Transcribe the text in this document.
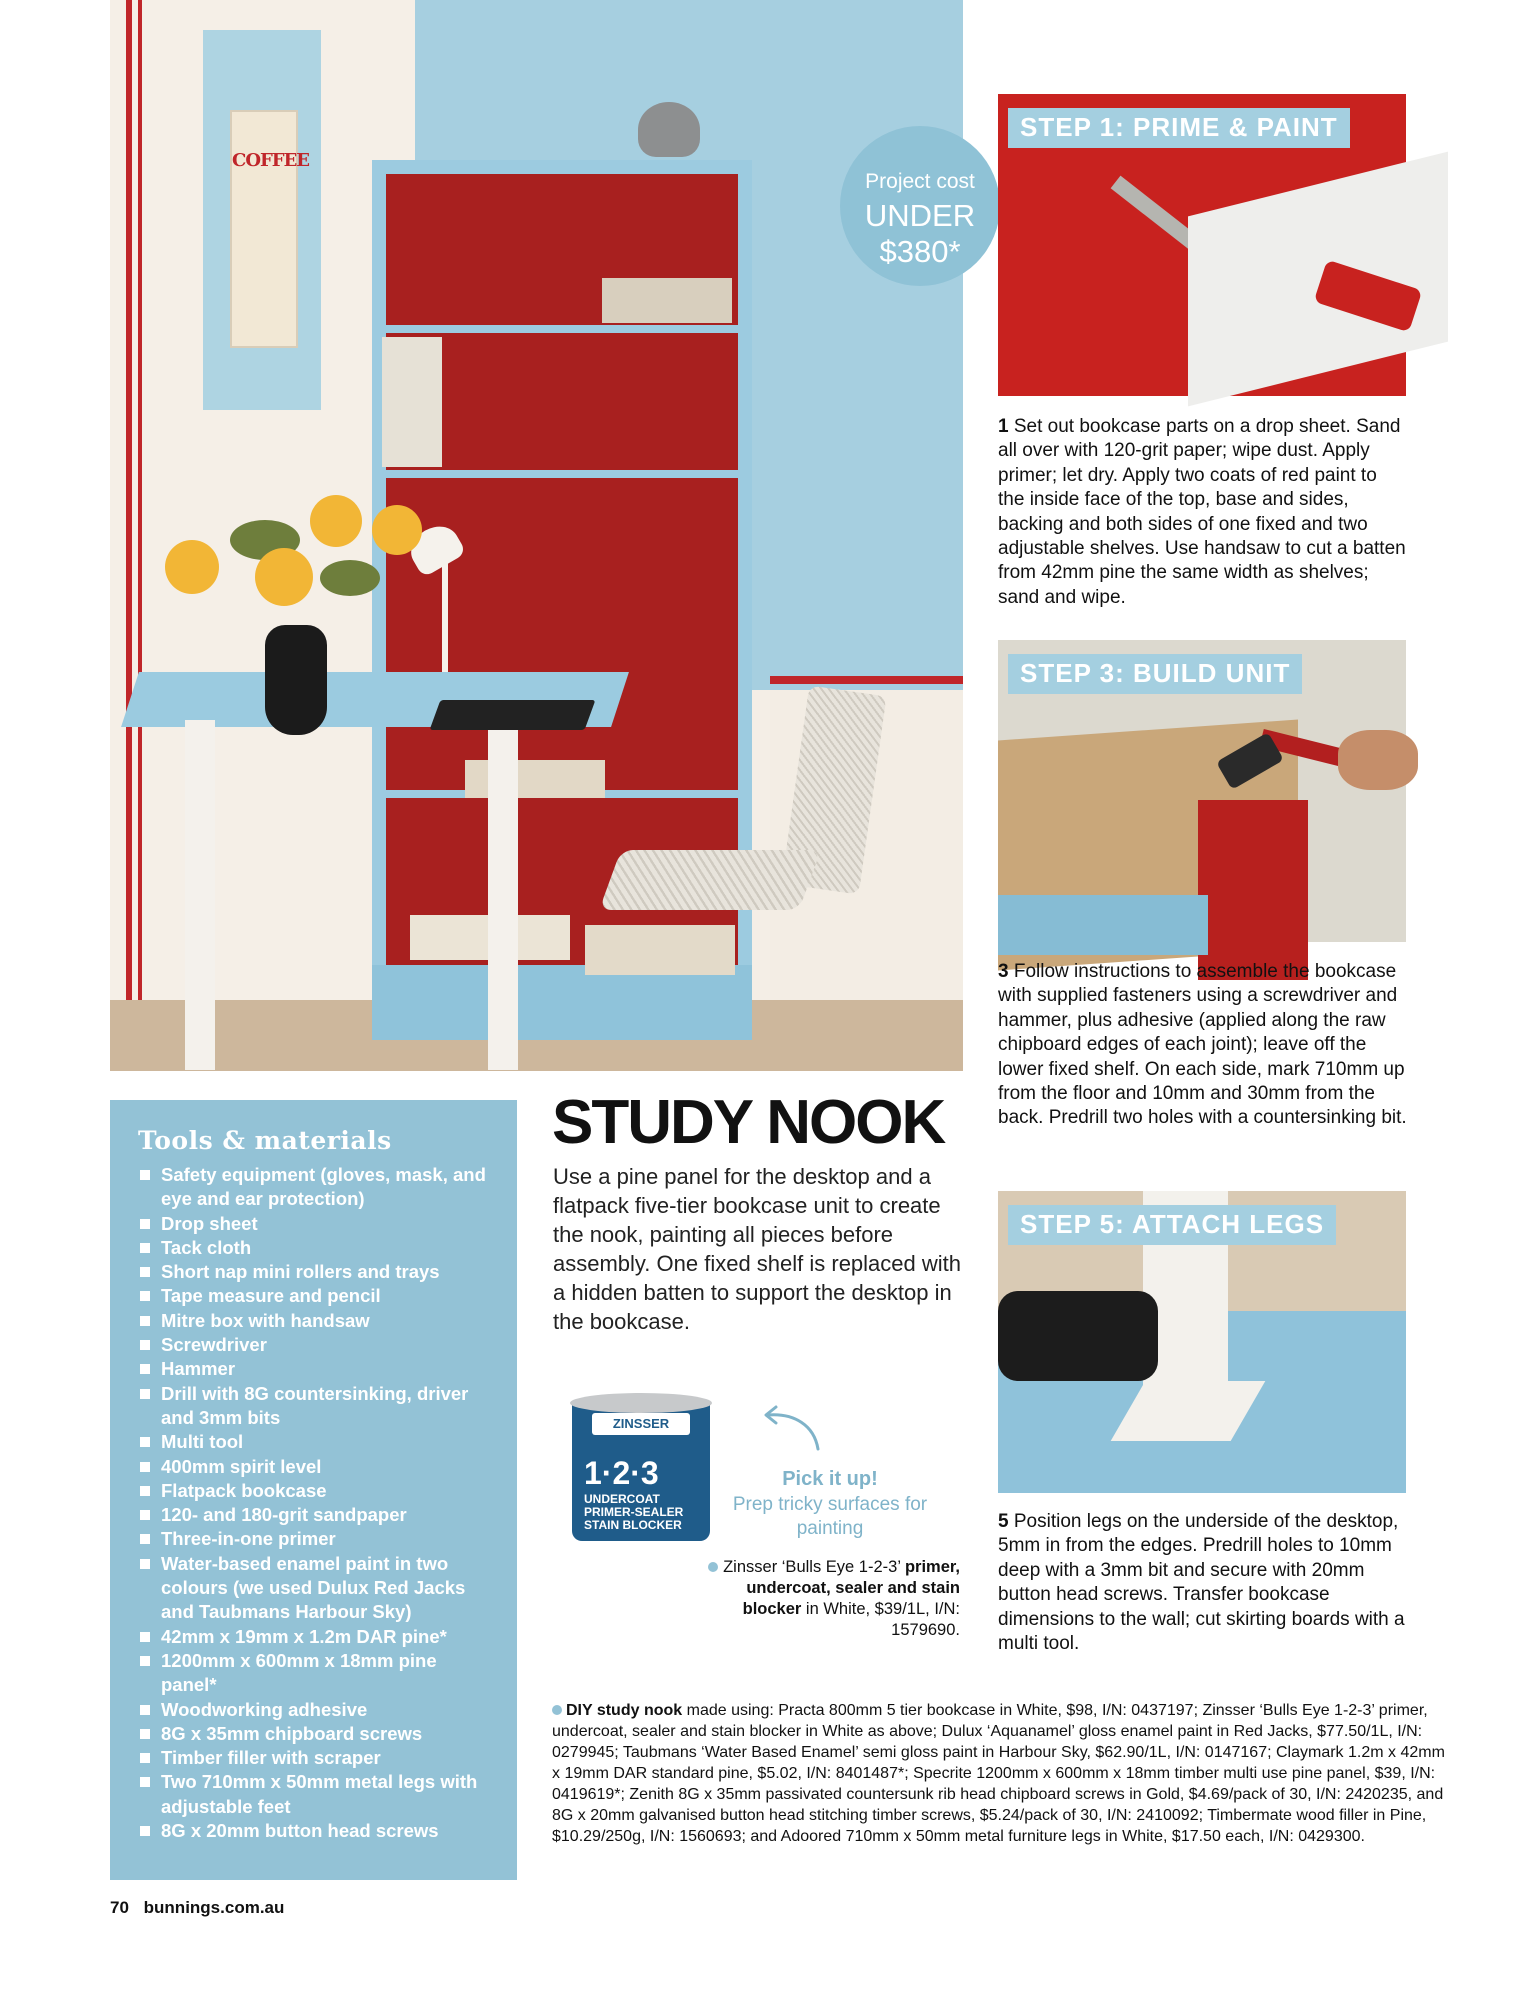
COFFEE
Project cost
UNDER
$380*
STEP 1: PRIME & PAINT
STEP 3: BUILD UNIT
STEP 5: ATTACH LEGS

1 Set out bookcase parts on a drop sheet. Sand all over with 120-grit paper; wipe dust. Apply primer; let dry. Apply two coats of red paint to the inside face of the top, base and sides, backing and both sides of one fixed and two adjustable shelves. Use handsaw to cut a batten from 42mm pine the same width as shelves; sand and wipe.

3 Follow instructions to assemble the bookcase with supplied fasteners using a screwdriver and hammer, plus adhesive (applied along the raw chipboard edges of each joint); leave off the lower fixed shelf. On each side, mark 710mm up from the floor and 10mm and 30mm from the back. Predrill two holes with a countersinking bit.

5 Position legs on the underside of the desktop, 5mm in from the edges. Predrill holes to 10mm deep with a 3mm bit and secure with 20mm button head screws. Transfer bookcase dimensions to the wall; cut skirting boards with a multi tool.

STUDY NOOK

Use a pine panel for the desktop and a flatpack five-tier bookcase unit to create the nook, painting all pieces before assembly. One fixed shelf is replaced with a hidden batten to support the desktop in the bookcase.

Tools & materials
Safety equipment (gloves, mask, and eye and ear protection)
Drop sheet
Tack cloth
Short nap mini rollers and trays
Tape measure and pencil
Mitre box with handsaw
Screwdriver
Hammer
Drill with 8G countersinking, driver and 3mm bits
Multi tool
400mm spirit level
Flatpack bookcase
120- and 180-grit sandpaper
Three-in-one primer
Water-based enamel paint in two colours (we used Dulux Red Jacks and Taubmans Harbour Sky)
42mm x 19mm x 1.2m DAR pine*
1200mm x 600mm x 18mm pine panel*
Woodworking adhesive
8G x 35mm chipboard screws
Timber filler with scraper
Two 710mm x 50mm metal legs with adjustable feet
8G x 20mm button head screws
ZINSSER
1·2·3
UNDERCOAT PRIMER-SEALER STAIN BLOCKER
Pick it up!
Prep tricky surfaces for painting

Zinsser ‘Bulls Eye 1-2-3’ primer, undercoat, sealer and stain blocker in White, $39/1L, I/N: 1579690.

DIY study nook made using: Practa 800mm 5 tier bookcase in White, $98, I/N: 0437197; Zinsser ‘Bulls Eye 1-2-3’ primer, undercoat, sealer and stain blocker in White as above; Dulux ‘Aquanamel’ gloss enamel paint in Red Jacks, $77.50/1L, I/N: 0279945; Taubmans ‘Water Based Enamel’ semi gloss paint in Harbour Sky, $62.90/1L, I/N: 0147167; Claymark 1.2m x 42mm x 19mm DAR standard pine, $5.02, I/N: 8401487*; Specrite 1200mm x 600mm x 18mm timber multi use pine panel, $39, I/N: 0419619*; Zenith 8G x 35mm passivated countersunk rib head chipboard screws in Gold, $4.69/pack of 30, I/N: 2420235, and 8G x 20mm galvanised button head stitching timber screws, $5.24/pack of 30, I/N: 2410092; Timbermate wood filler in Pine, $10.29/250g, I/N: 1560693; and Adoored 710mm x 50mm metal furniture legs in White, $17.50 each, I/N: 0429300.

70 bunnings.com.au
